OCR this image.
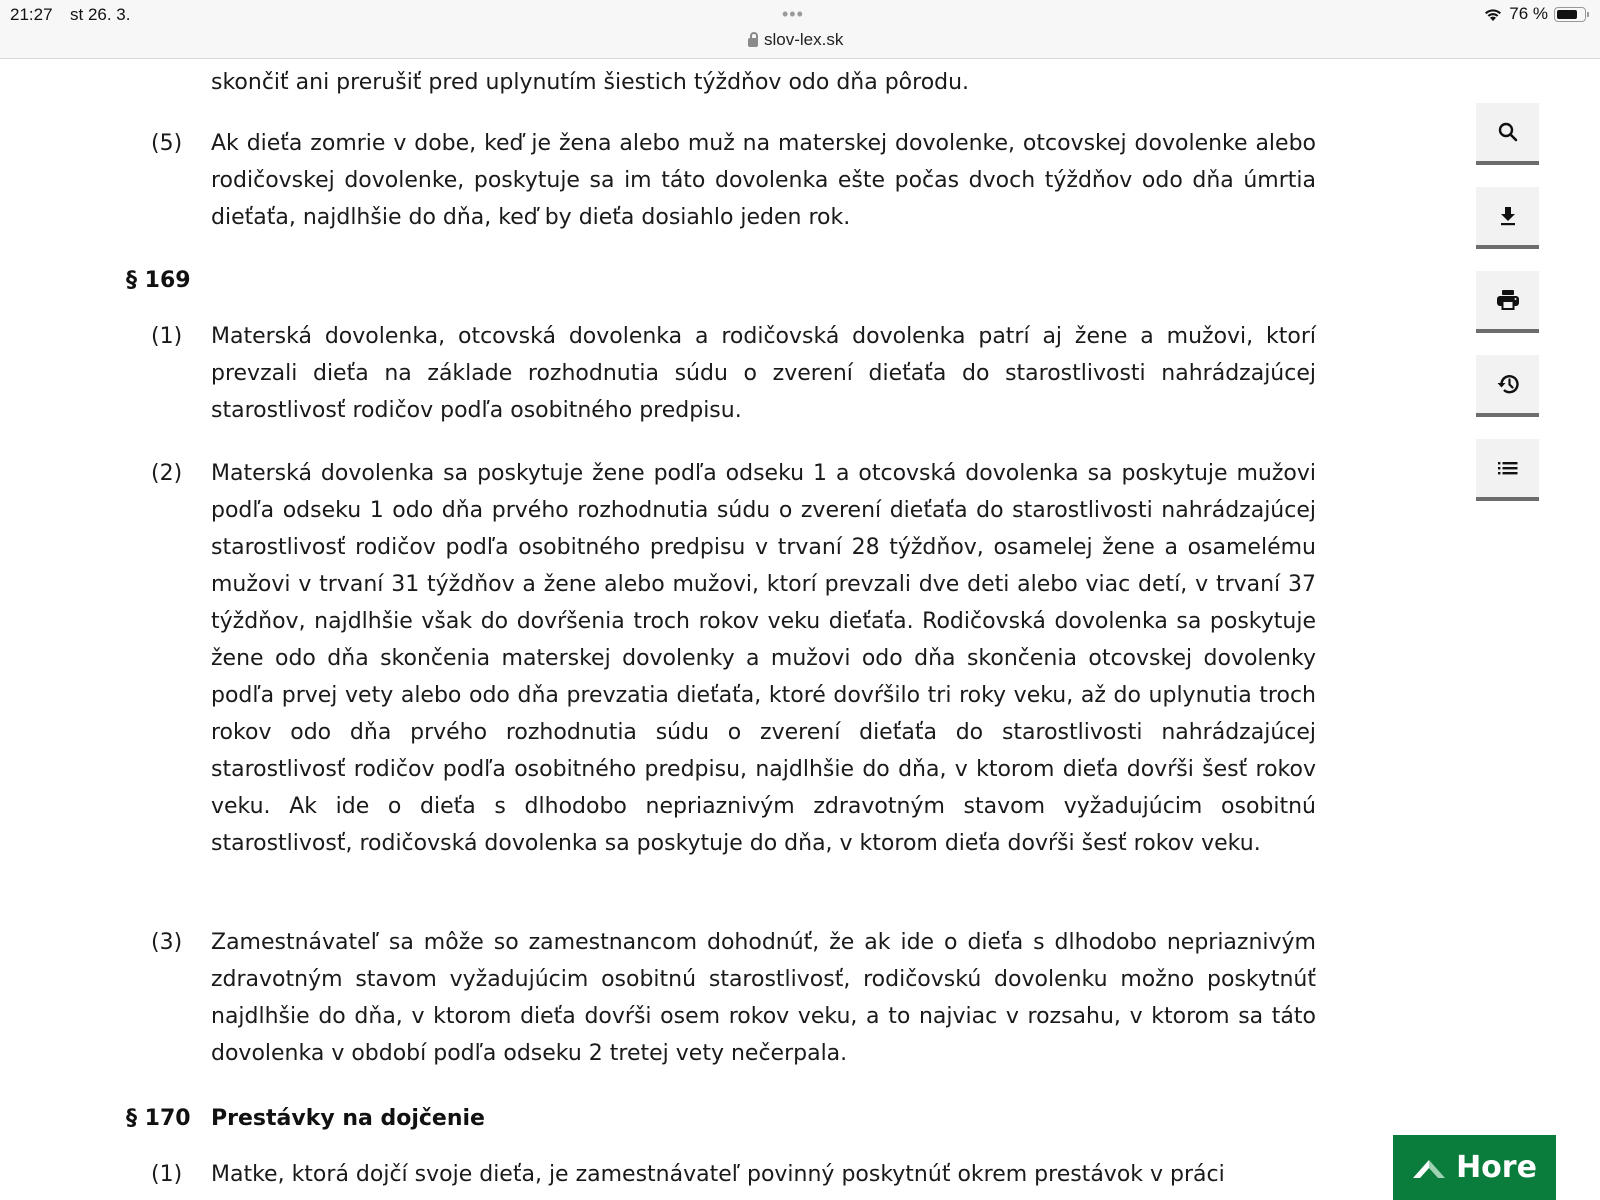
21:27 st 26. 3.	•••
slov-lex.sk
76 %
skončiť ani prerušiť pred uplynutím šiestich týždňov odo dňa pôrodu.
(5) Ak dieťa zomrie v dobe, keď je žena alebo muž na materskej dovolenke, otcovskej dovolenke alebo rodičovskej dovolenke, poskytuje sa im táto dovolenka ešte počas dvoch týždňov odo dňa úmrtia dieťaťa, najdlhšie do dňa, keď by dieťa dosiahlo jeden rok.
§ 169
(1) Materská dovolenka, otcovská dovolenka a rodičovská dovolenka patrí aj žene a mužovi, ktorí prevzali dieťa na základe rozhodnutia súdu o zverení dieťaťa do starostlivosti nahrádzajúcej starostlivosť rodičov podľa osobitného predpisu.
(2) Materská dovolenka sa poskytuje žene podľa odseku 1 a otcovská dovolenka sa poskytuje mužovi podľa odseku 1 odo dňa prvého rozhodnutia súdu o zverení dieťaťa do starostlivosti nahrádzajúcej starostlivosť rodičov podľa osobitného predpisu v trvaní 28 týždňov, osamelej žene a osamelému mužovi v trvaní 31 týždňov a žene alebo mužovi, ktorí prevzali dve deti alebo viac detí, v trvaní 37 týždňov, najdlhšie však do dovŕšenia troch rokov veku dieťaťa. Rodičovská dovolenka sa poskytuje žene odo dňa skončenia materskej dovolenky a mužovi odo dňa skončenia otcovskej dovolenky podľa prvej vety alebo odo dňa prevzatia dieťaťa, ktoré dovŕšilo tri roky veku, až do uplynutia troch rokov odo dňa prvého rozhodnutia súdu o zverení dieťaťa do starostlivosti nahrádzajúcej starostlivosť rodičov podľa osobitného predpisu, najdlhšie do dňa, v ktorom dieťa dovŕši šesť rokov veku. Ak ide o dieťa s dlhodobo nepriaznivým zdravotným stavom vyžadujúcim osobitnú starostlivosť, rodičovská dovolenka sa poskytuje do dňa, v ktorom dieťa dovŕši šesť rokov veku.
(3) Zamestnávateľ sa môže so zamestnancom dohodnúť, že ak ide o dieťa s dlhodobo nepriaznivým zdravotným stavom vyžadujúcim osobitnú starostlivosť, rodičovskú dovolenku možno poskytnúť najdlhšie do dňa, v ktorom dieťa dovŕši osem rokov veku, a to najviac v rozsahu, v ktorom sa táto dovolenka v období podľa odseku 2 tretej vety nečerpala.
§ 170 Prestávky na dojčenie
(1) Matke, ktorá dojčí svoje dieťa, je zamestnávateľ povinný poskytnúť okrem prestávok v práci	Hore
